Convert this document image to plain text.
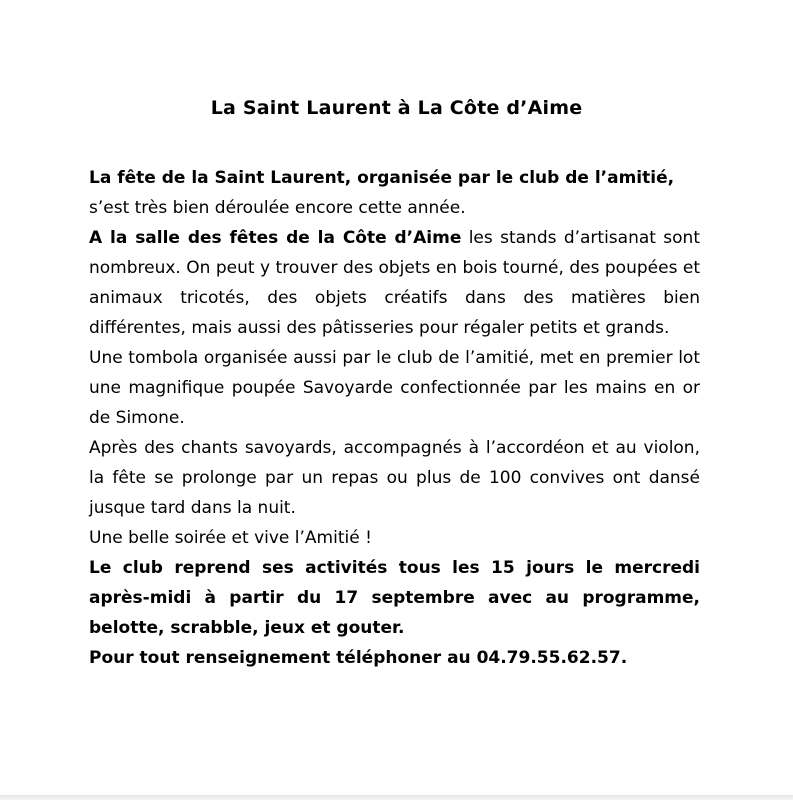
La Saint Laurent à La Côte d’Aime

La fête de la Saint Laurent, organisée par le club de l’amitié,
s’est très bien déroulée encore cette année.

A la salle des fêtes de la Côte d’Aime les stands d’artisanat sont nombreux. On peut y trouver des objets en bois tourné, des poupées et animaux tricotés, des objets créatifs dans des matières bien différentes, mais aussi des pâtisseries pour régaler petits et grands.

Une tombola organisée aussi par le club de l’amitié, met en premier lot une magnifique poupée Savoyarde confectionnée par les mains en or de Simone.

Après des chants savoyards, accompagnés à l’accordéon et au violon, la fête se prolonge par un repas ou plus de 100 convives ont dansé jusque tard dans la nuit.

Une belle soirée et vive l’Amitié !

Le club reprend ses activités tous les 15 jours le mercredi après-midi à partir du 17 septembre avec au programme, belotte, scrabble, jeux et gouter.

Pour tout renseignement téléphoner au 04.79.55.62.57.
